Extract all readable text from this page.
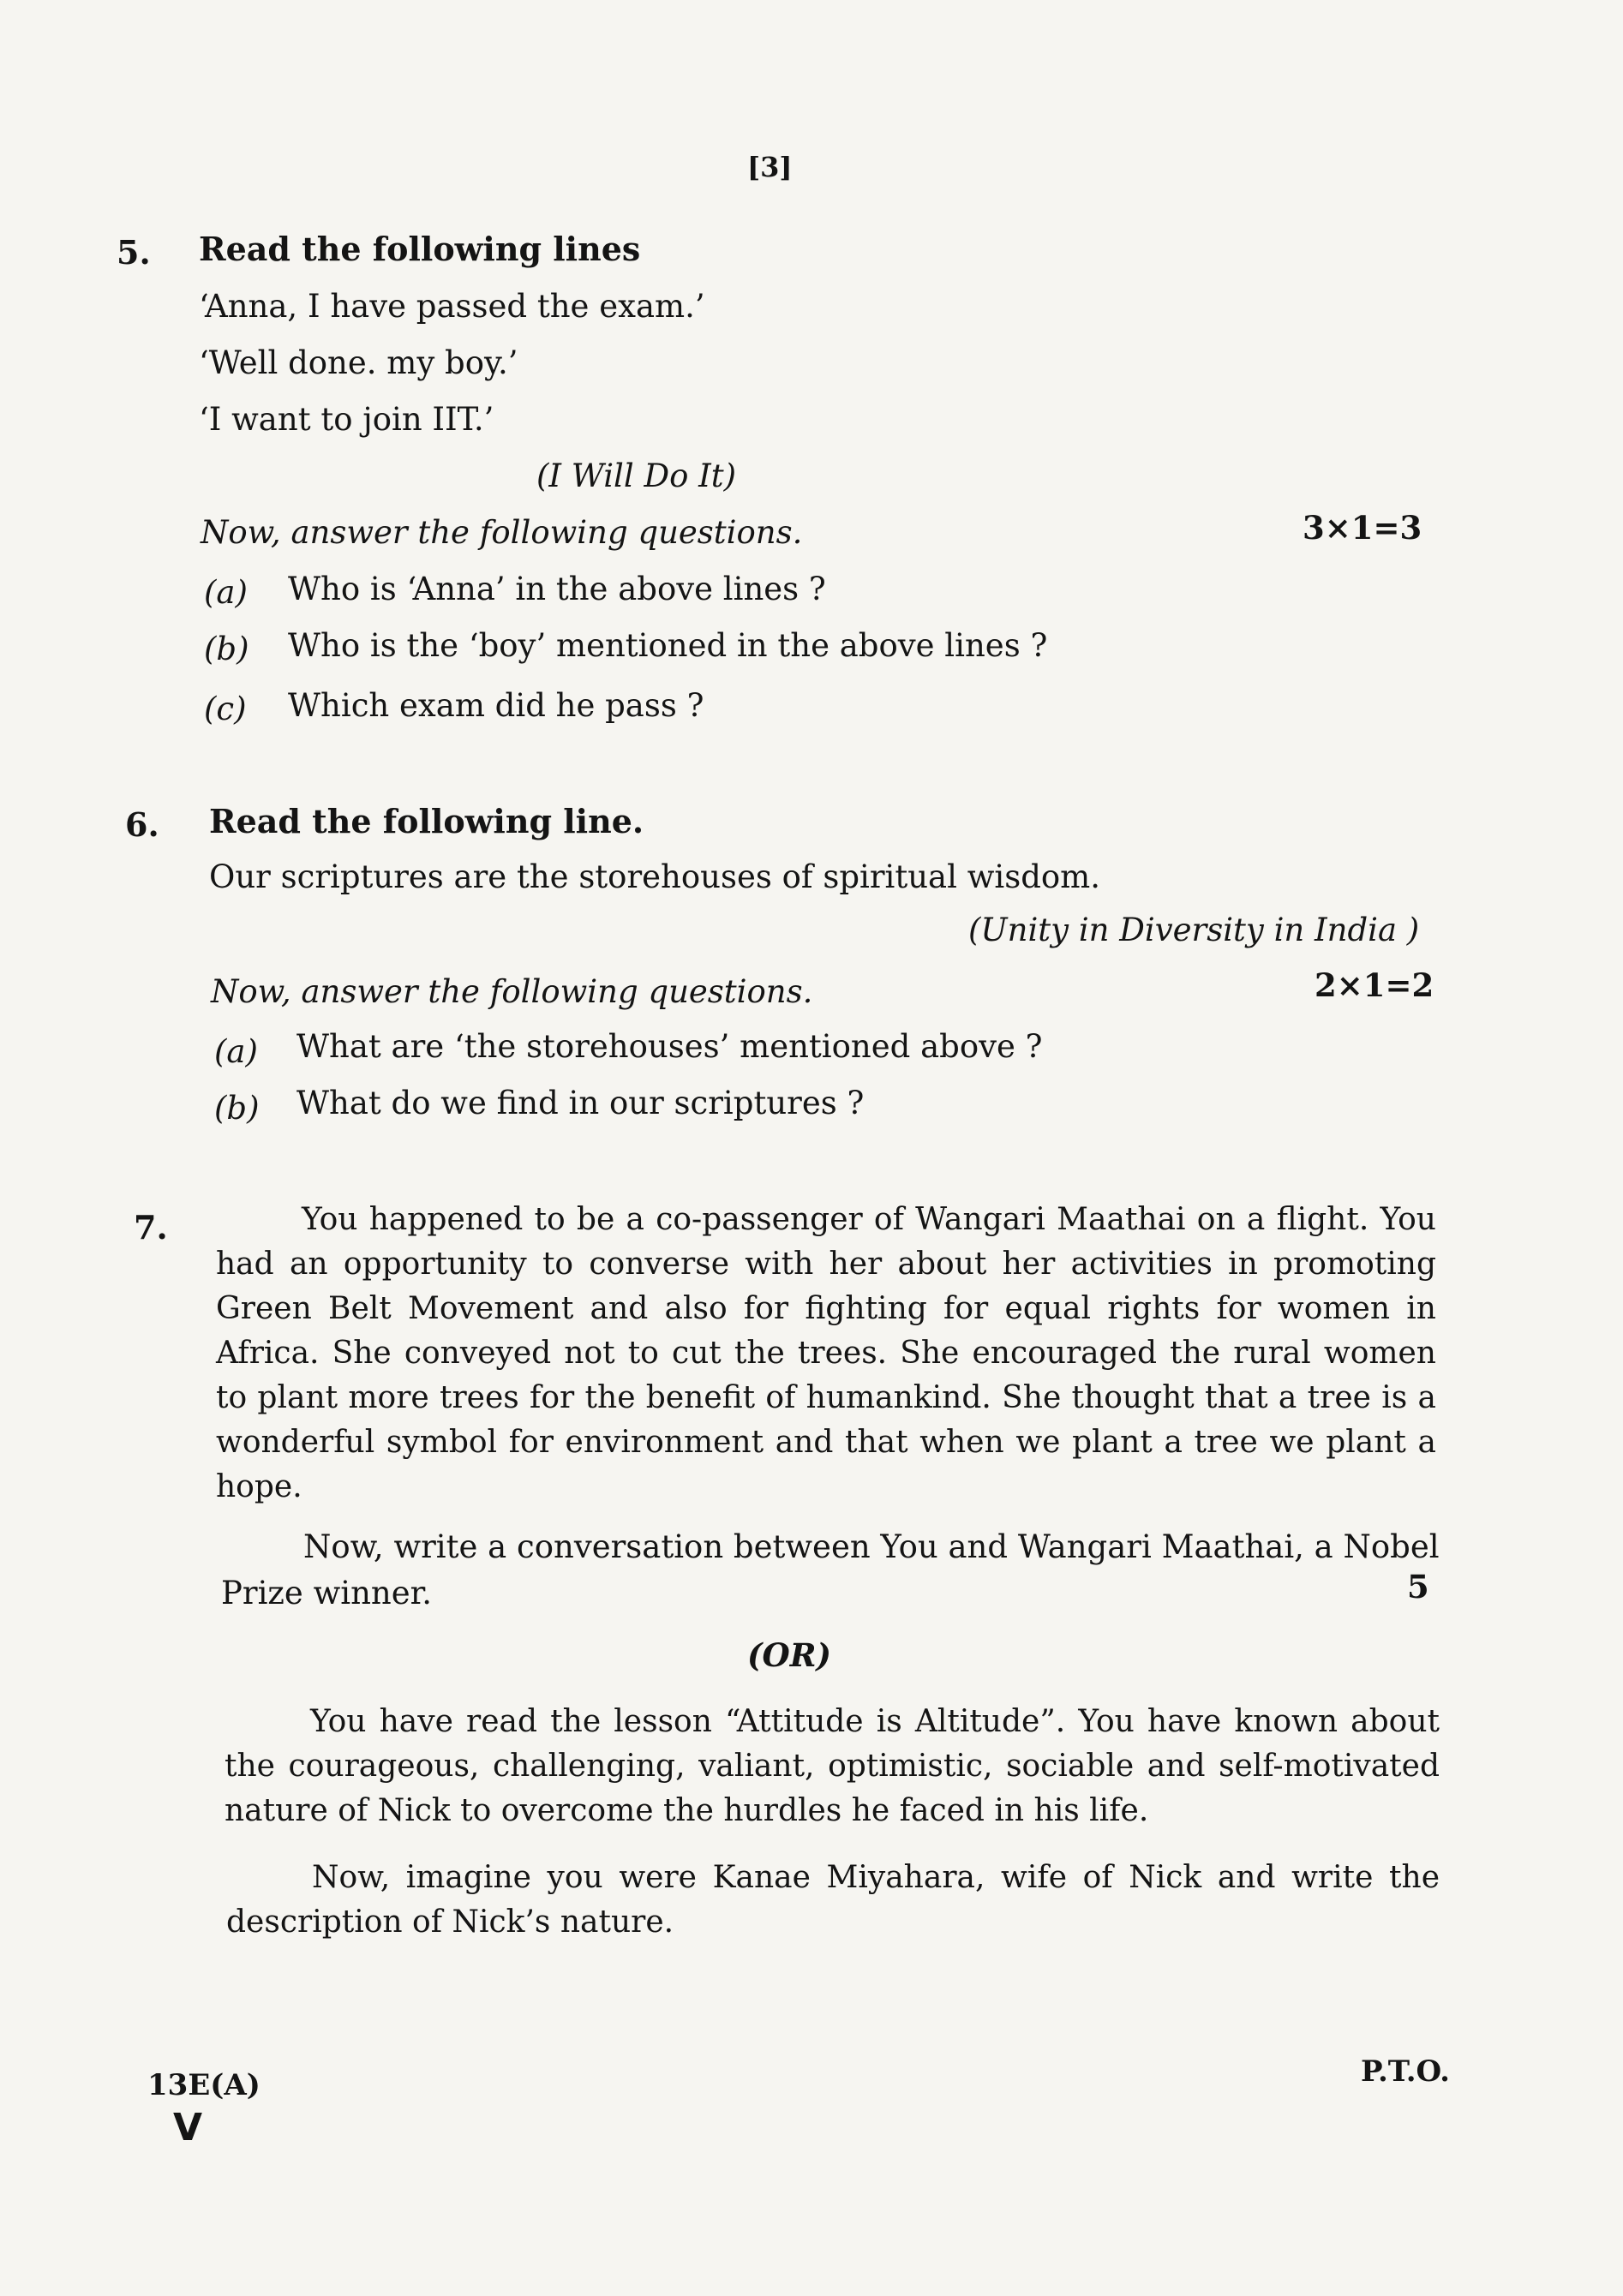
[3]
5. Read the following lines
‘Anna, I have passed the exam.’
‘Well done. my boy.’
‘I want to join IIT.’
(I Will Do It)
Now, answer the following questions.	3×1=3
(a) Who is ‘Anna’ in the above lines ?
(b) Who is the ‘boy’ mentioned in the above lines ?
(c) Which exam did he pass ?
6. Read the following line.
Our scriptures are the storehouses of spiritual wisdom.
(Unity in Diversity in India )
Now, answer the following questions.	2×1=2
(a) What are ‘the storehouses’ mentioned above ?
(b) What do we find in our scriptures ?
7.	You happened to be a co-passenger of Wangari Maathai on a flight. You had an opportunity to converse with her about her activities in promoting Green Belt Movement and also for fighting for equal rights for women in Africa. She conveyed not to cut the trees. She encouraged the rural women to plant more trees for the benefit of humankind. She thought that a tree is a wonderful symbol for environment and that when we plant a tree we plant a hope.

Now, write a conversation between You and Wangari Maathai, a Nobel
Prize winner.	5
(OR)

You have read the lesson “Attitude is Altitude”. You have known about the courageous, challenging, valiant, optimistic, sociable and self-motivated nature of Nick to overcome the hurdles he faced in his life.

Now, imagine you were Kanae Miyahara, wife of Nick and write the description of Nick’s nature.

13E(A)
V
P.T.O.
